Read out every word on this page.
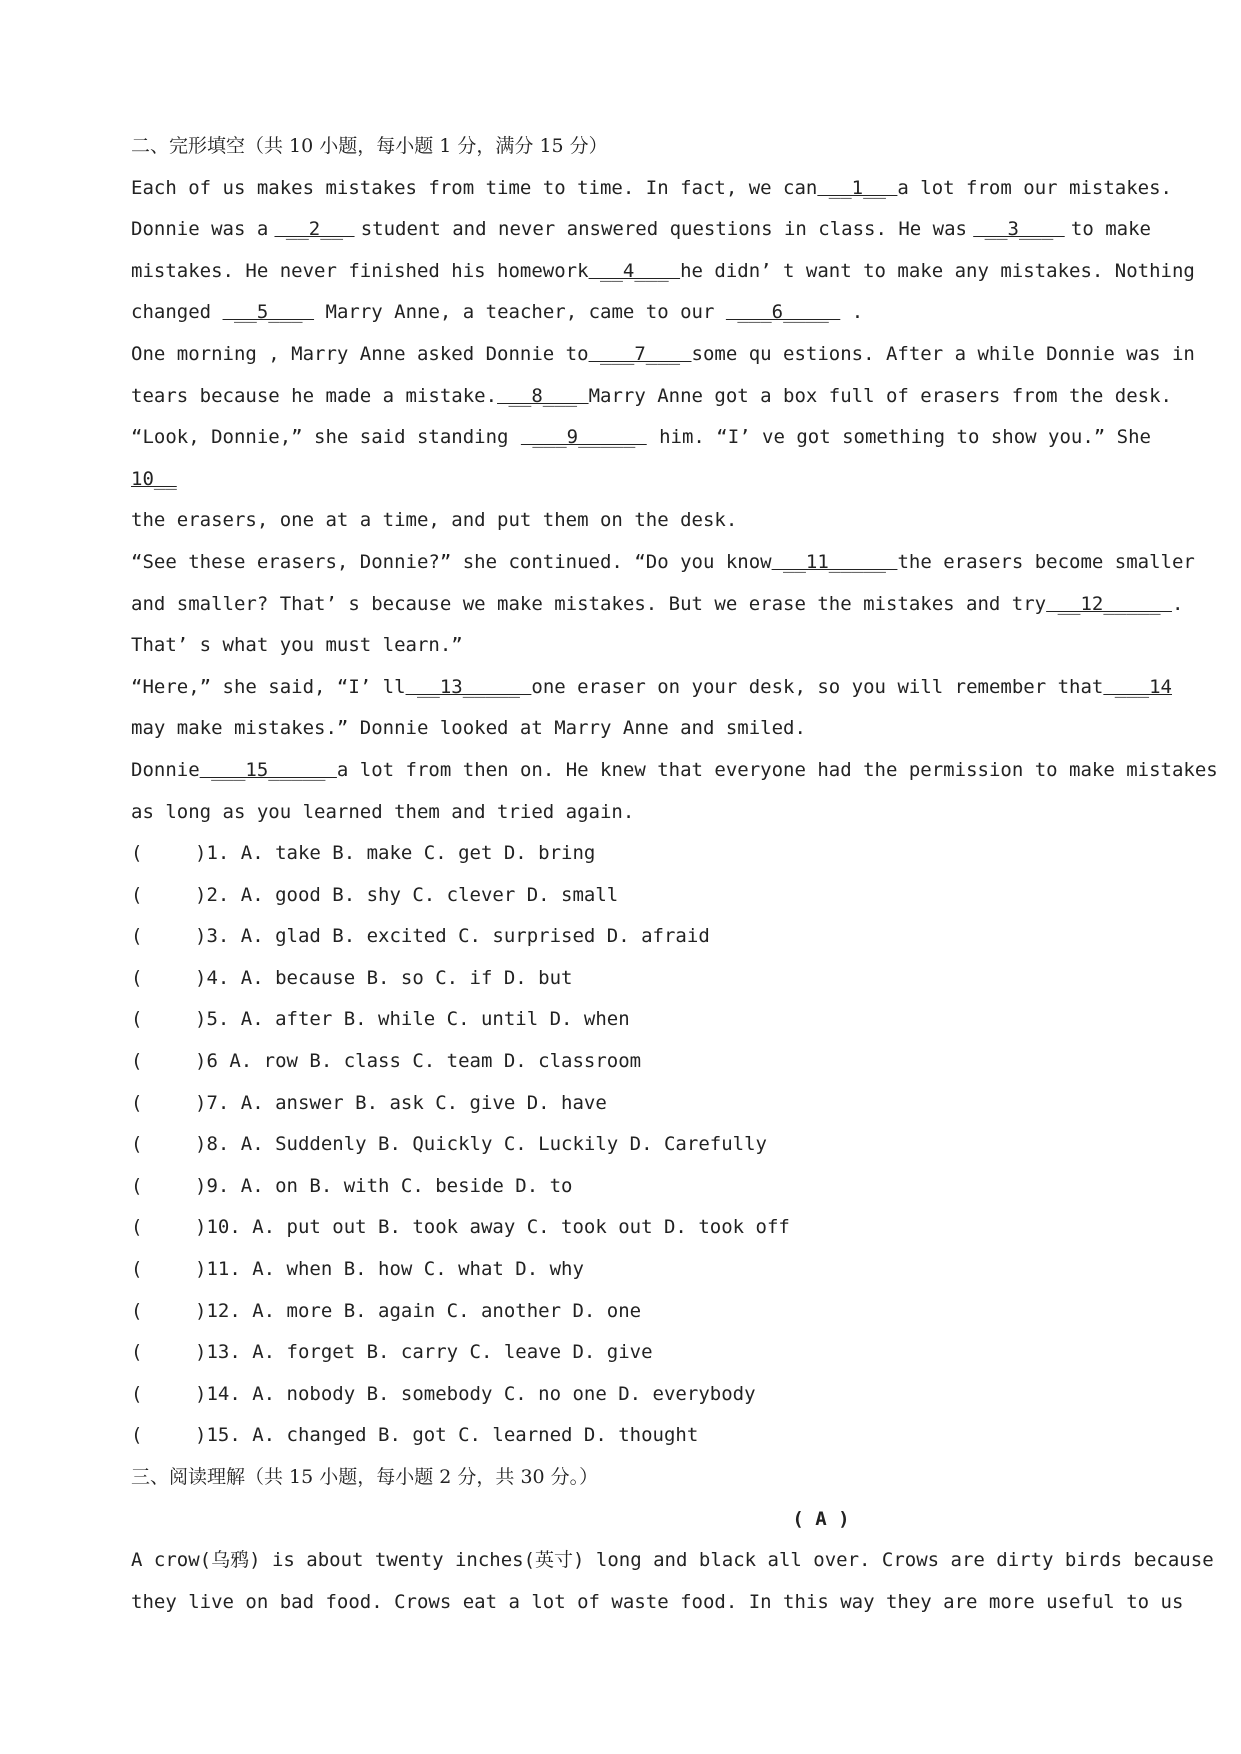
二、完形填空（共 10 小题，每小题 1 分，满分 15 分）
Each of us makes mistakes from time to time. In fact, we can __1__ a lot from our mistakes.
Donnie was a __2__ student and never answered questions in class. He was __3___ to make
mistakes. He never finished his homework __4___ he didn’ t want to make any mistakes. Nothing
changed  __5___  Marry Anne, a teacher, came to our  ___6____  .
One morning , Marry Anne asked Donnie to ___7___ some qu estions. After a while Donnie was in
tears because he made a mistake. __8___ Marry Anne got a box full of erasers from the desk.
“Look, Donnie,” she said standing ___9_____ him. “I’ ve got something to show you.” She
10__
the erasers, one at a time, and put them on the desk.
“See these erasers, Donnie?” she continued. “Do you know __11_____ the erasers become smaller
and smaller? That’ s because we make mistakes. But we erase the mistakes and try __12_____ .
That’ s what you must learn.”
“Here,” she said, “I’ ll __13_____ one eraser on your desk, so you will remember that ___14
may make mistakes.” Donnie looked at Marry Anne and smiled.
Donnie ___15_____ a lot from then on. He knew that everyone had the permission to make mistakes
as long as you learned them and tried again.
(	)1. A. take B. make C. get D. bring
(	)2. A. good B. shy C. clever D. small
(	)3. A. glad B. excited C. surprised D. afraid
(	)4. A. because B. so C. if D. but
(	)5. A. after B. while C. until D. when
(	)6 A. row B. class C. team D. classroom
(	)7. A. answer B. ask C. give D. have
(	)8. A. Suddenly B. Quickly C. Luckily D. Carefully
(	)9. A. on B. with C. beside D. to
(	)10. A. put out B. took away C. took out D. took off
(	)11. A. when B. how C. what D. why
(	)12. A. more B. again C. another D. one
(	)13. A. forget B. carry C. leave D. give
(	)14. A. nobody B. somebody C. no one D. everybody
(	)15. A. changed B. got C. learned D. thought
三、阅读理解（共 15 小题，每小题 2 分，共 30 分。）
( A )
A crow(乌鸦) is about twenty inches(英寸) long and black all over. Crows are dirty birds because
they live on bad food. Crows eat a lot of waste food. In this way they are more useful to us
